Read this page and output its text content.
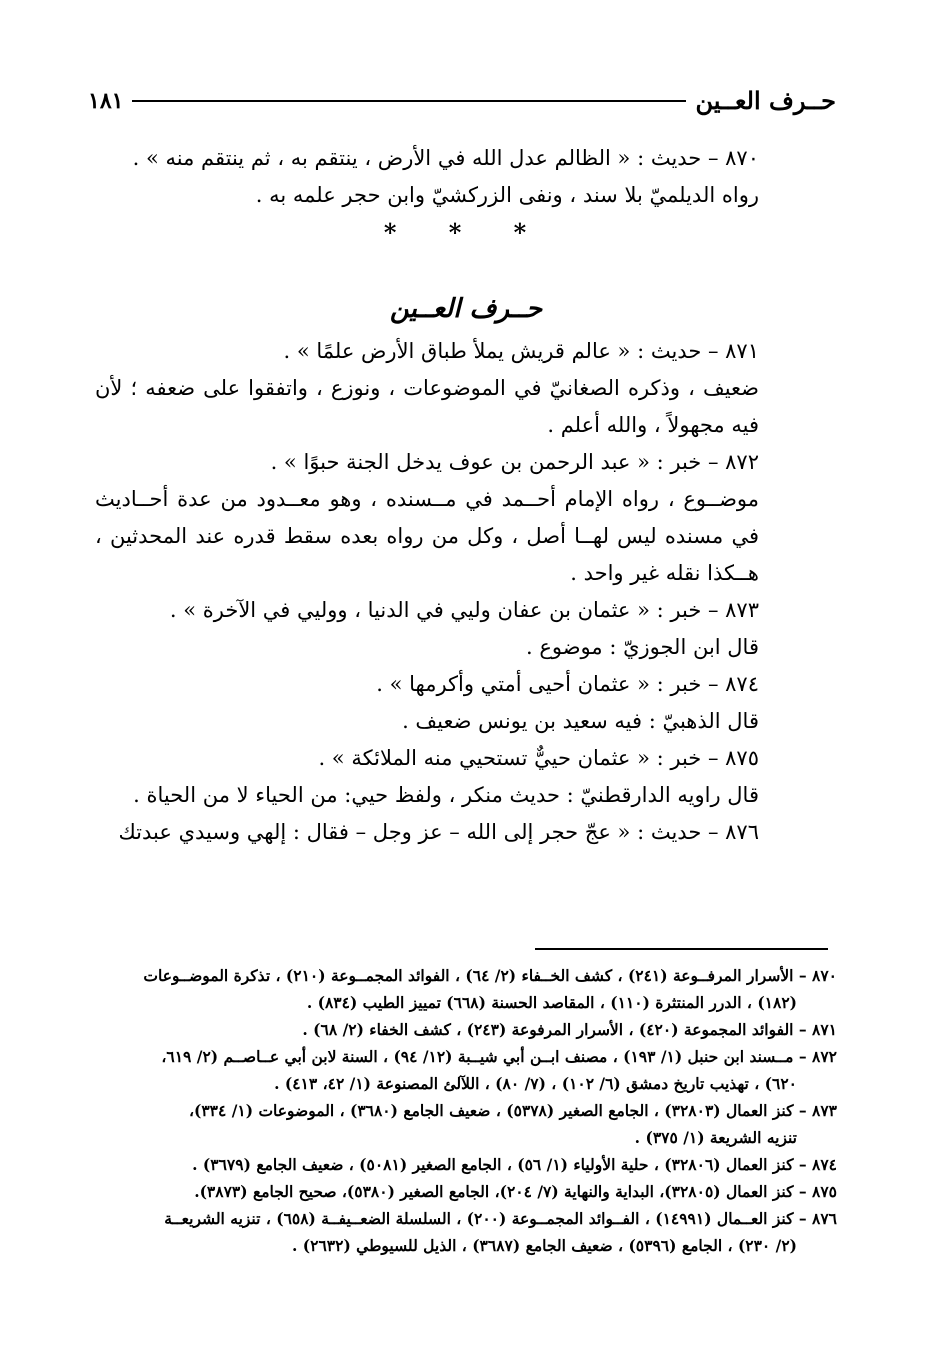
حــرف العــين
١٨١
٨٧٠ – حديث : « الظالم عدل الله في الأرض ، ينتقم به ، ثم ينتقم منه » .
رواه الديلميّ بلا سند ، ونفى الزركشيّ وابن حجر علمه به .
* * *
حــرف العــين
٨٧١ – حديث : « عالم قريش يملأ طباق الأرض علمًا » .
ضعيف ، وذكره الصغانيّ في الموضوعات ، ونوزع ، واتفقوا على ضعفه ؛ لأن فيه مجهولاً ، والله أعلم .
٨٧٢ – خبر : « عبد الرحمن بن عوف يدخل الجنة حبوًا » .
موضــوع ، رواه الإمام أحــمد في مــسنده ، وهو معــدود من عدة أحــاديث في مسنده ليس لهــا أصل ، وكل من رواه بعده سقط قدره عند المحدثين ، هــكذا نقله غير واحد .
٨٧٣ – خبر : « عثمان بن عفان وليي في الدنيا ، ووليي في الآخرة » .
قال ابن الجوزيّ : موضوع .
٨٧٤ – خبر : « عثمان أحيى أمتي وأكرمها » .
قال الذهبيّ : فيه سعيد بن يونس ضعيف .
٨٧٥ – خبر : « عثمان حييٌّ تستحيي منه الملائكة » .
قال راويه الدارقطنيّ : حديث منكر ، ولفظ حيي: من الحياء لا من الحياة .
٨٧٦ – حديث : « عجّ حجر إلى الله – عز وجل – فقال : إلهي وسيدي عبدتك
٨٧٠ – الأسرار المرفــوعة (٢٤١) ، كشف الخــفاء (٢/ ٦٤) ، الفوائد المجمــوعة (٢١٠) ، تذكرة الموضــوعات
(١٨٢) ، الدرر المنتثرة (١١٠) ، المقاصد الحسنة (٦٦٨) تمييز الطيب (٨٣٤) .
٨٧١ – الفوائد المجموعة (٤٢٠) ، الأسرار المرفوعة (٢٤٣) ، كشف الخفاء (٢/ ٦٨) .
٨٧٢ – مــسند ابن حنبل (١/ ١٩٣) ، مصنف ابــن أبي شيــبة (١٢/ ٩٤) ، السنة لابن أبي عــاصــم (٢/ ٦١٩،
٦٢٠) ، تهذيب تاريخ دمشق (٦/ ١٠٢) ، (٧/ ٨٠) ، اللآلئ المصنوعة (١/ ٤٢، ٤١٣) .
٨٧٣ – كنز العمال (٣٢٨٠٣) ، الجامع الصغير (٥٣٧٨) ، ضعيف الجامع (٣٦٨٠) ، الموضوعات (١/ ٣٣٤)،
تنزيه الشريعة (١/ ٣٧٥) .
٨٧٤ – كنز العمال (٣٢٨٠٦) ، حلية الأولياء (١/ ٥٦) ، الجامع الصغير (٥٠٨١) ، ضعيف الجامع (٣٦٧٩) .
٨٧٥ – كنز العمال (٣٢٨٠٥)، البداية والنهاية (٧/ ٢٠٤)، الجامع الصغير (٥٣٨٠)، صحيح الجامع (٣٨٧٣).
٨٧٦ – كنز العــمال (١٤٩٩١) ، الفــوائد المجمــوعة (٢٠٠) ، السلسلة الضعــيفــة (٦٥٨) ، تنزيه الشريعــة
(٢/ ٢٣٠) ، الجامع (٥٣٩٦) ، ضعيف الجامع (٣٦٨٧) ، الذيل للسيوطي (٢٦٣٢) .
